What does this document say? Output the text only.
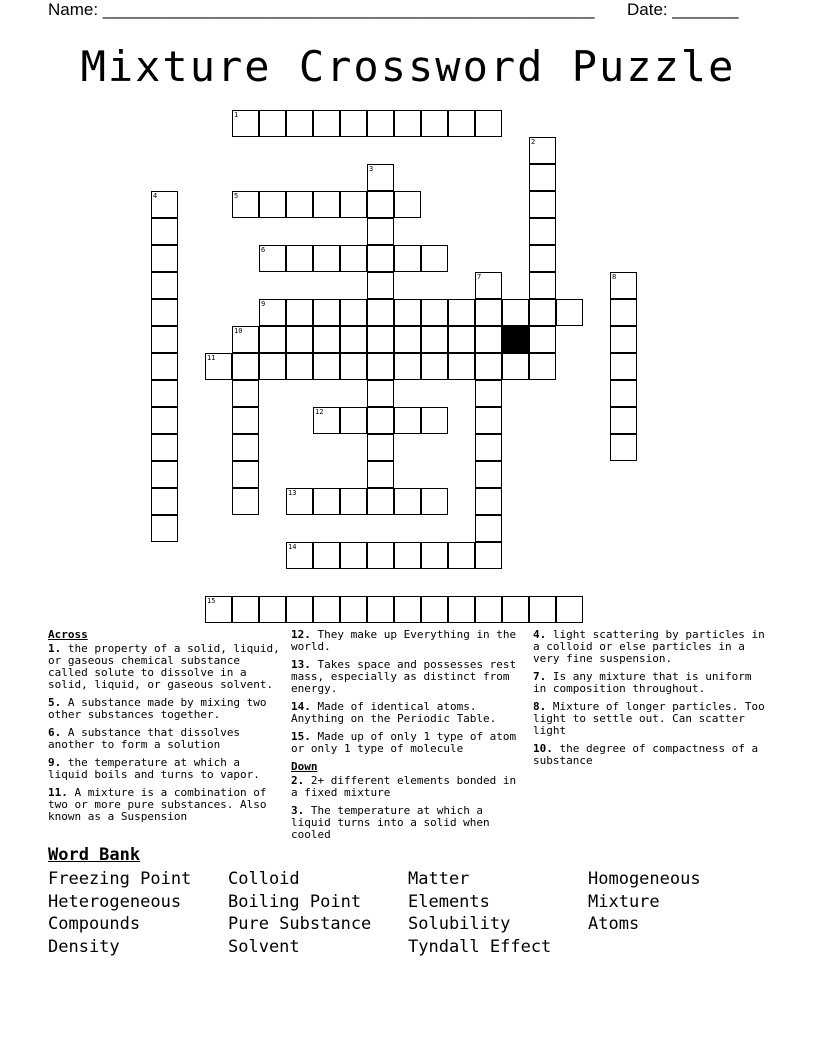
Name: ____________________________________________________ Date: _______
Mixture Crossword Puzzle
1
2
3
4	5
6
7	8
9
10
11
12
13
14
15
Across
1. the property of a solid, liquid, or gaseous chemical substance called solute to dissolve in a solid, liquid, or gaseous solvent.
5. A substance made by mixing two other substances together.
6. A substance that dissolves another to form a solution
9. the temperature at which a liquid boils and turns to vapor.
11. A mixture is a combination of two or more pure substances. Also known as a Suspension
12. They make up Everything in the world.
13. Takes space and possesses rest mass, especially as distinct from energy.
14. Made of identical atoms. Anything on the Periodic Table.
15. Made up of only 1 type of atom or only 1 type of molecule
Down
2. 2+ different elements bonded in a fixed mixture
3. The temperature at which a liquid turns into a solid when cooled
4. light scattering by particles in a colloid or else particles in a very fine suspension.
7. Is any mixture that is uniform in composition throughout.
8. Mixture of longer particles. Too light to settle out. Can scatter light
10. the degree of compactness of a substance
Word Bank
Freezing Point	Colloid	Matter	Homogeneous
Heterogeneous	Boiling Point	Elements	Mixture
Compounds	Pure Substance	Solubility	Atoms
Density	Solvent	Tyndall Effect
